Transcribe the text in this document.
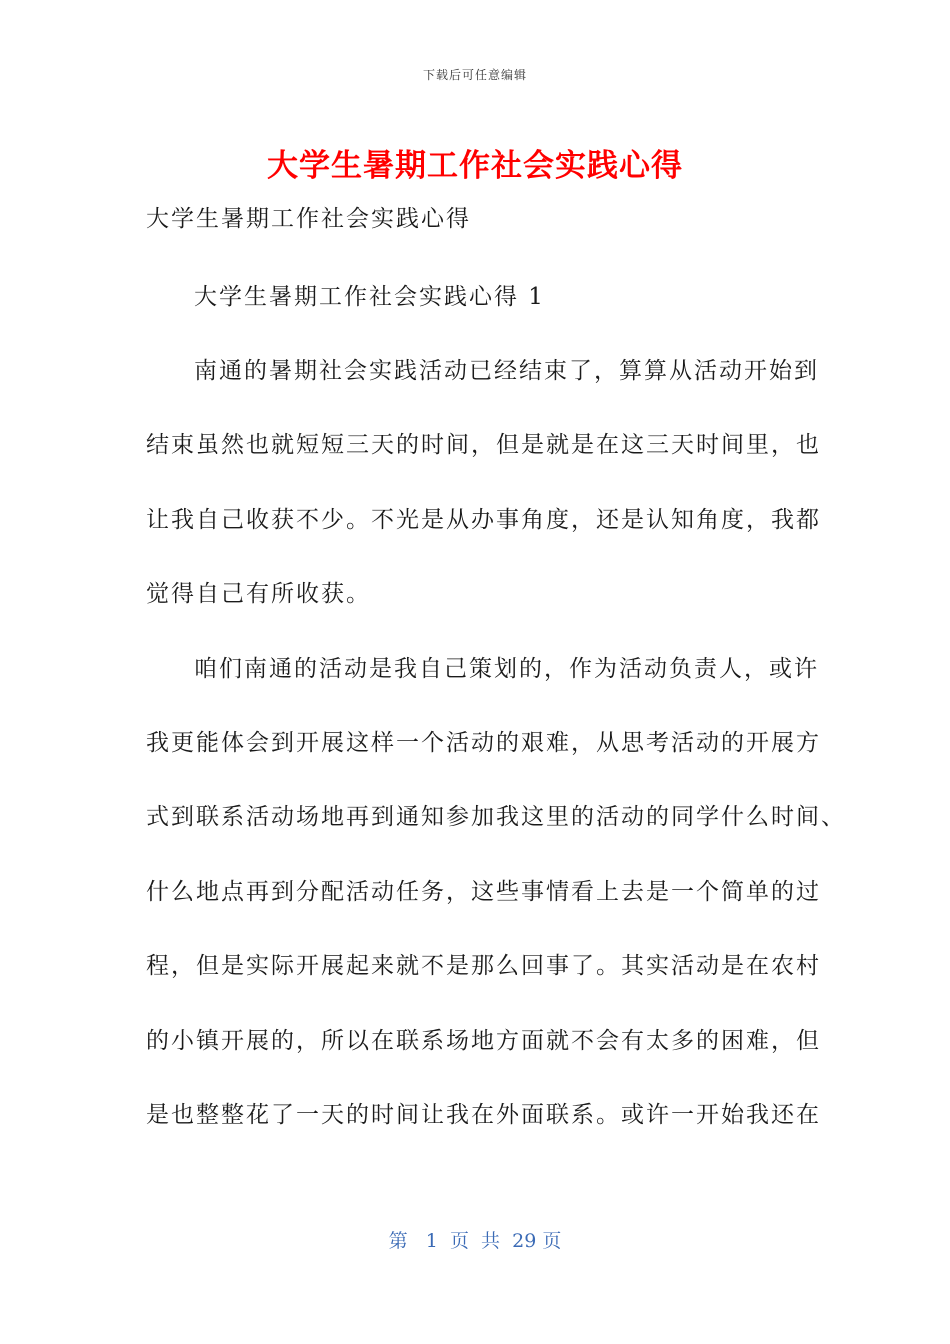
下载后可任意编辑
大学生暑期工作社会实践心得
大学生暑期工作社会实践心得
大学生暑期工作社会实践心得 1
南通的暑期社会实践活动已经结束了，算算从活动开始到
结束虽然也就短短三天的时间，但是就是在这三天时间里，也
让我自己收获不少。不光是从办事角度，还是认知角度，我都
觉得自己有所收获。
咱们南通的活动是我自己策划的，作为活动负责人，或许
我更能体会到开展这样一个活动的艰难，从思考活动的开展方
式到联系活动场地再到通知参加我这里的活动的同学什么时间、
什么地点再到分配活动任务，这些事情看上去是一个简单的过
程，但是实际开展起来就不是那么回事了。其实活动是在农村
的小镇开展的，所以在联系场地方面就不会有太多的困难，但
是也整整花了一天的时间让我在外面联系。或许一开始我还在
第   1  页  共  29 页
